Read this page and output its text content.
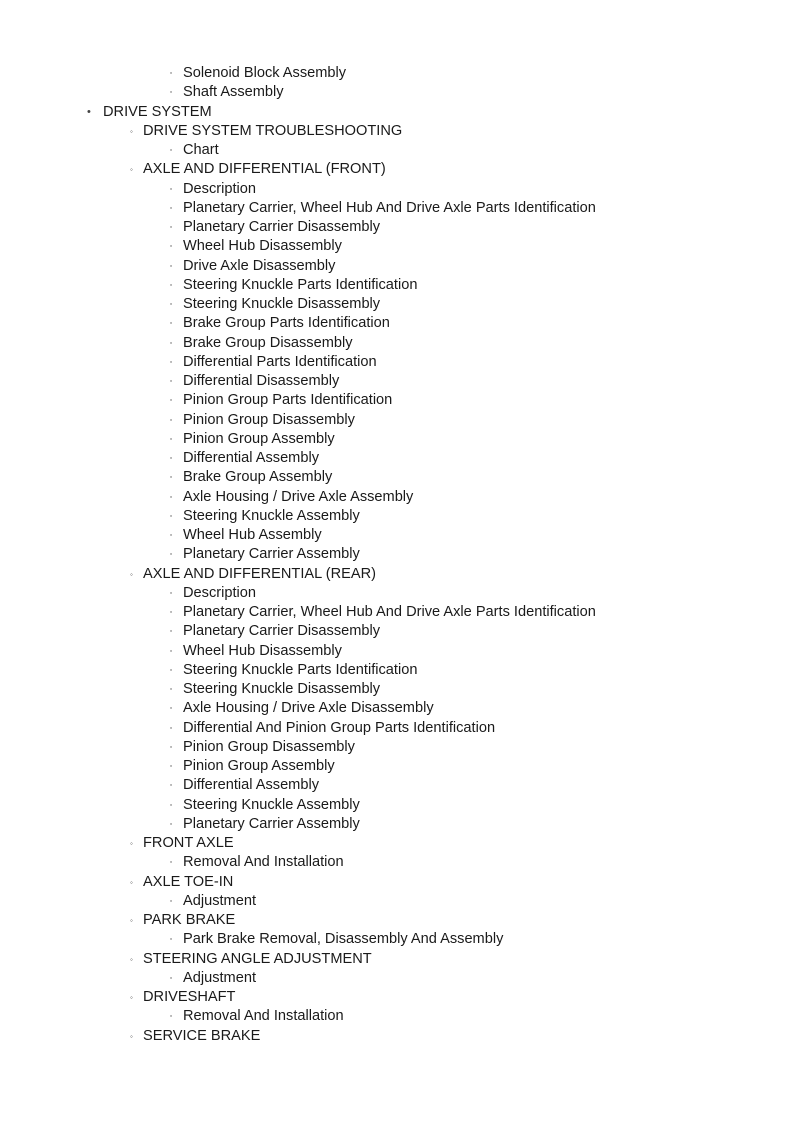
▫ Solenoid Block Assembly
▫ Shaft Assembly
• DRIVE SYSTEM
◦ DRIVE SYSTEM TROUBLESHOOTING
▫ Chart
◦ AXLE AND DIFFERENTIAL (FRONT)
▫ Description
▫ Planetary Carrier, Wheel Hub And Drive Axle Parts Identification
▫ Planetary Carrier Disassembly
▫ Wheel Hub Disassembly
▫ Drive Axle Disassembly
▫ Steering Knuckle Parts Identification
▫ Steering Knuckle Disassembly
▫ Brake Group Parts Identification
▫ Brake Group Disassembly
▫ Differential Parts Identification
▫ Differential Disassembly
▫ Pinion Group Parts Identification
▫ Pinion Group Disassembly
▫ Pinion Group Assembly
▫ Differential Assembly
▫ Brake Group Assembly
▫ Axle Housing / Drive Axle Assembly
▫ Steering Knuckle Assembly
▫ Wheel Hub Assembly
▫ Planetary Carrier Assembly
◦ AXLE AND DIFFERENTIAL (REAR)
▫ Description
▫ Planetary Carrier, Wheel Hub And Drive Axle Parts Identification
▫ Planetary Carrier Disassembly
▫ Wheel Hub Disassembly
▫ Steering Knuckle Parts Identification
▫ Steering Knuckle Disassembly
▫ Axle Housing / Drive Axle Disassembly
▫ Differential And Pinion Group Parts Identification
▫ Pinion Group Disassembly
▫ Pinion Group Assembly
▫ Differential Assembly
▫ Steering Knuckle Assembly
▫ Planetary Carrier Assembly
◦ FRONT AXLE
▫ Removal And Installation
◦ AXLE TOE-IN
▫ Adjustment
◦ PARK BRAKE
▫ Park Brake Removal, Disassembly And Assembly
◦ STEERING ANGLE ADJUSTMENT
▫ Adjustment
◦ DRIVESHAFT
▫ Removal And Installation
◦ SERVICE BRAKE
